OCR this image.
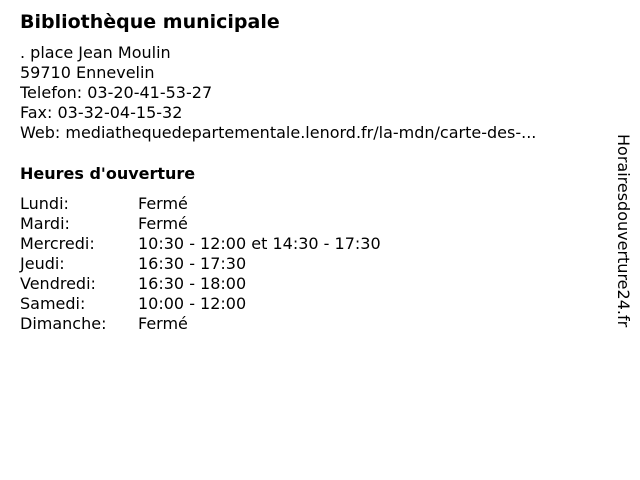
Bibliothèque municipale
. place Jean Moulin
59710 Ennevelin
Telefon: 03-20-41-53-27
Fax: 03-32-04-15-32
Web: mediathequedepartementale.lenord.fr/la-mdn/carte-des-...
Heures d'ouverture
Lundi:	Fermé
Mardi:	Fermé
Mercredi:	10:30 - 12:00 et 14:30 - 17:30
Jeudi:	16:30 - 17:30
Vendredi:	16:30 - 18:00
Samedi:	10:00 - 12:00
Dimanche:	Fermé	Horairesdouverture24.fr
